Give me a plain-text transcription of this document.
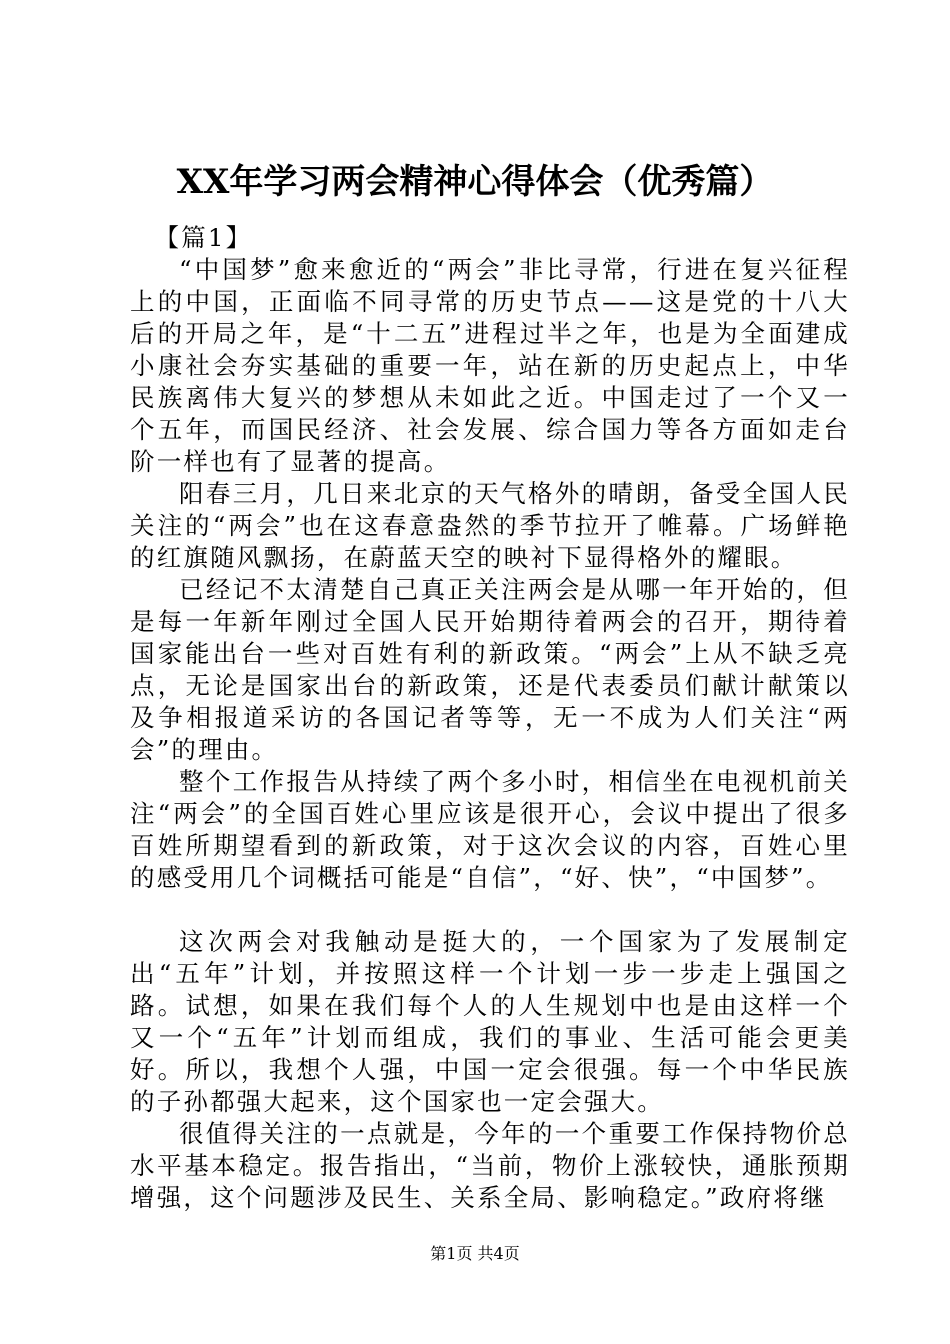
XX年学习两会精神心得体会（优秀篇）

【篇1】

“中国梦”愈来愈近的“两会”非比寻常，行进在复兴征程上的中国，正面临不同寻常的历史节点——这是党的十八大后的开局之年，是“十二五”进程过半之年，也是为全面建成小康社会夯实基础的重要一年，站在新的历史起点上，中华民族离伟大复兴的梦想从未如此之近。中国走过了一个又一个五年，而国民经济、社会发展、综合国力等各方面如走台阶一样也有了显著的提高。

阳春三月，几日来北京的天气格外的晴朗，备受全国人民关注的“两会”也在这春意盎然的季节拉开了帷幕。广场鲜艳的红旗随风飘扬，在蔚蓝天空的映衬下显得格外的耀眼。

已经记不太清楚自己真正关注两会是从哪一年开始的，但是每一年新年刚过全国人民开始期待着两会的召开，期待着国家能出台一些对百姓有利的新政策。“两会”上从不缺乏亮点，无论是国家出台的新政策，还是代表委员们献计献策以及争相报道采访的各国记者等等，无一不成为人们关注“两会”的理由。

整个工作报告从持续了两个多小时，相信坐在电视机前关注“两会”的全国百姓心里应该是很开心，会议中提出了很多百姓所期望看到的新政策，对于这次会议的内容，百姓心里的感受用几个词概括可能是“自信”，“好、快”，“中国梦”。

这次两会对我触动是挺大的，一个国家为了发展制定出“五年”计划，并按照这样一个计划一步一步走上强国之路。试想，如果在我们每个人的人生规划中也是由这样一个又一个“五年”计划而组成，我们的事业、生活可能会更美好。所以，我想个人强，中国一定会很强。每一个中华民族的子孙都强大起来，这个国家也一定会强大。

很值得关注的一点就是，今年的一个重要工作保持物价总水平基本稳定。报告指出，“当前，物价上涨较快，通胀预期增强，这个问题涉及民生、关系全局、影响稳定。”政府将继

第1页 共4页
